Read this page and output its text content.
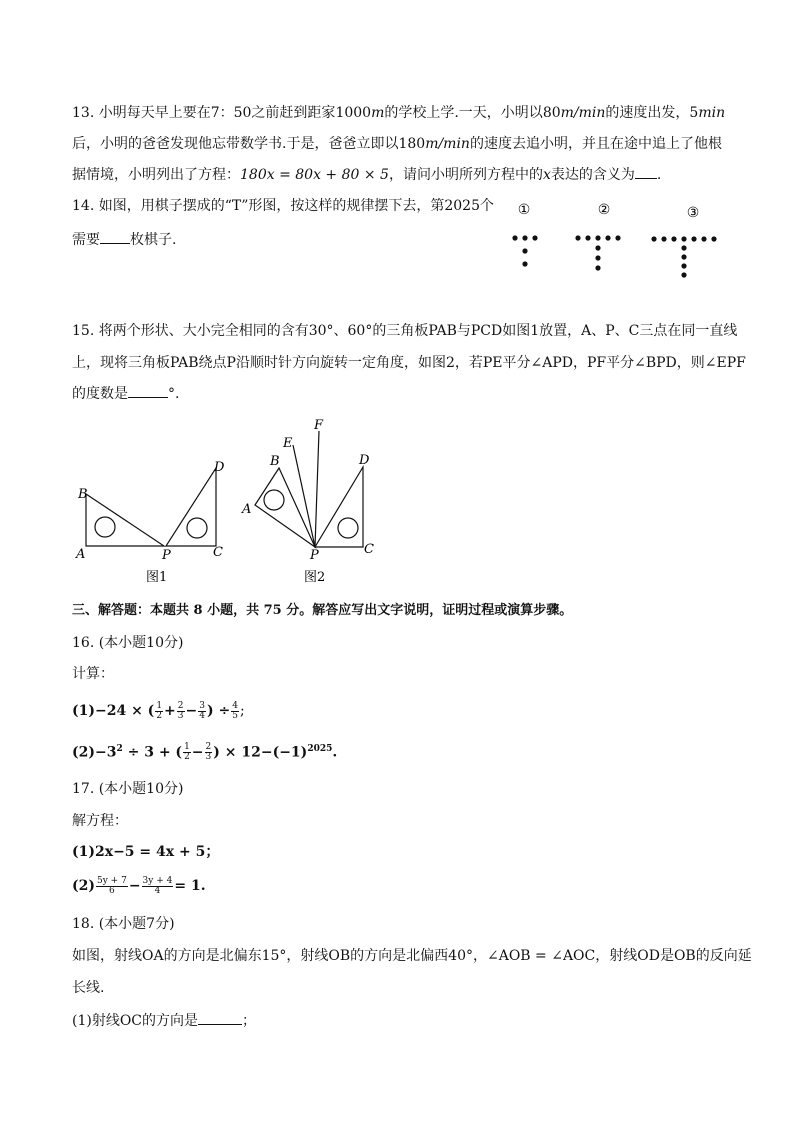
13. 小明每天早上要在7：50之前赶到距家1000m的学校上学.一天，小明以80m/min的速度出发，5min
后，小明的爸爸发现他忘带数学书.于是，爸爸立即以180m/min的速度去追小明，并且在途中追上了他根
据情境，小明列出了方程：180x = 80x + 80 × 5，请问小明所列方程中的x表达的含义为 .
14. 如图，用棋子摆成的“T”形图，按这样的规律摆下去，第2025个
需要 枚棋子.
①	②	③
15. 将两个形状、大小完全相同的含有30°、60°的三角板PAB与PCD如图1放置，A、P、C三点在同一直线
上，现将三角板PAB绕点P沿顺时针方向旋转一定角度，如图2，若PE平分∠APD，PF平分∠BPD，则∠EPF
的度数是	°.
B
A	P	C
D
图1
F
E
B
A
D
P	C
图2
三、解答题：本题共 8 小题，共 75 分。解答应写出文字说明，证明过程或演算步骤。
16. (本小题10分)
计算：
(1)−24 × ( $\frac{1}{2} + \frac{2}{3} - \frac{3}{4}$ ) ÷ $\frac{4}{5}$ ;
$(2)-3^2 \div 3$ + ( $\frac{1}{2} - \frac{2}{3}$ ) × $12-(-1)^{2025}$.
17. (本小题10分)
解方程：
(1)2x−5 = 4x + 5；
$(2) \frac{5y + 7}{6} - \frac{3y + 4}{4} = 1$.
18. (本小题7分)
如图，射线OA的方向是北偏东15°，射线OB的方向是北偏西40°，∠AOB = ∠AOC，射线OD是OB的反向延
长线.
(1)射线OC的方向是	；
